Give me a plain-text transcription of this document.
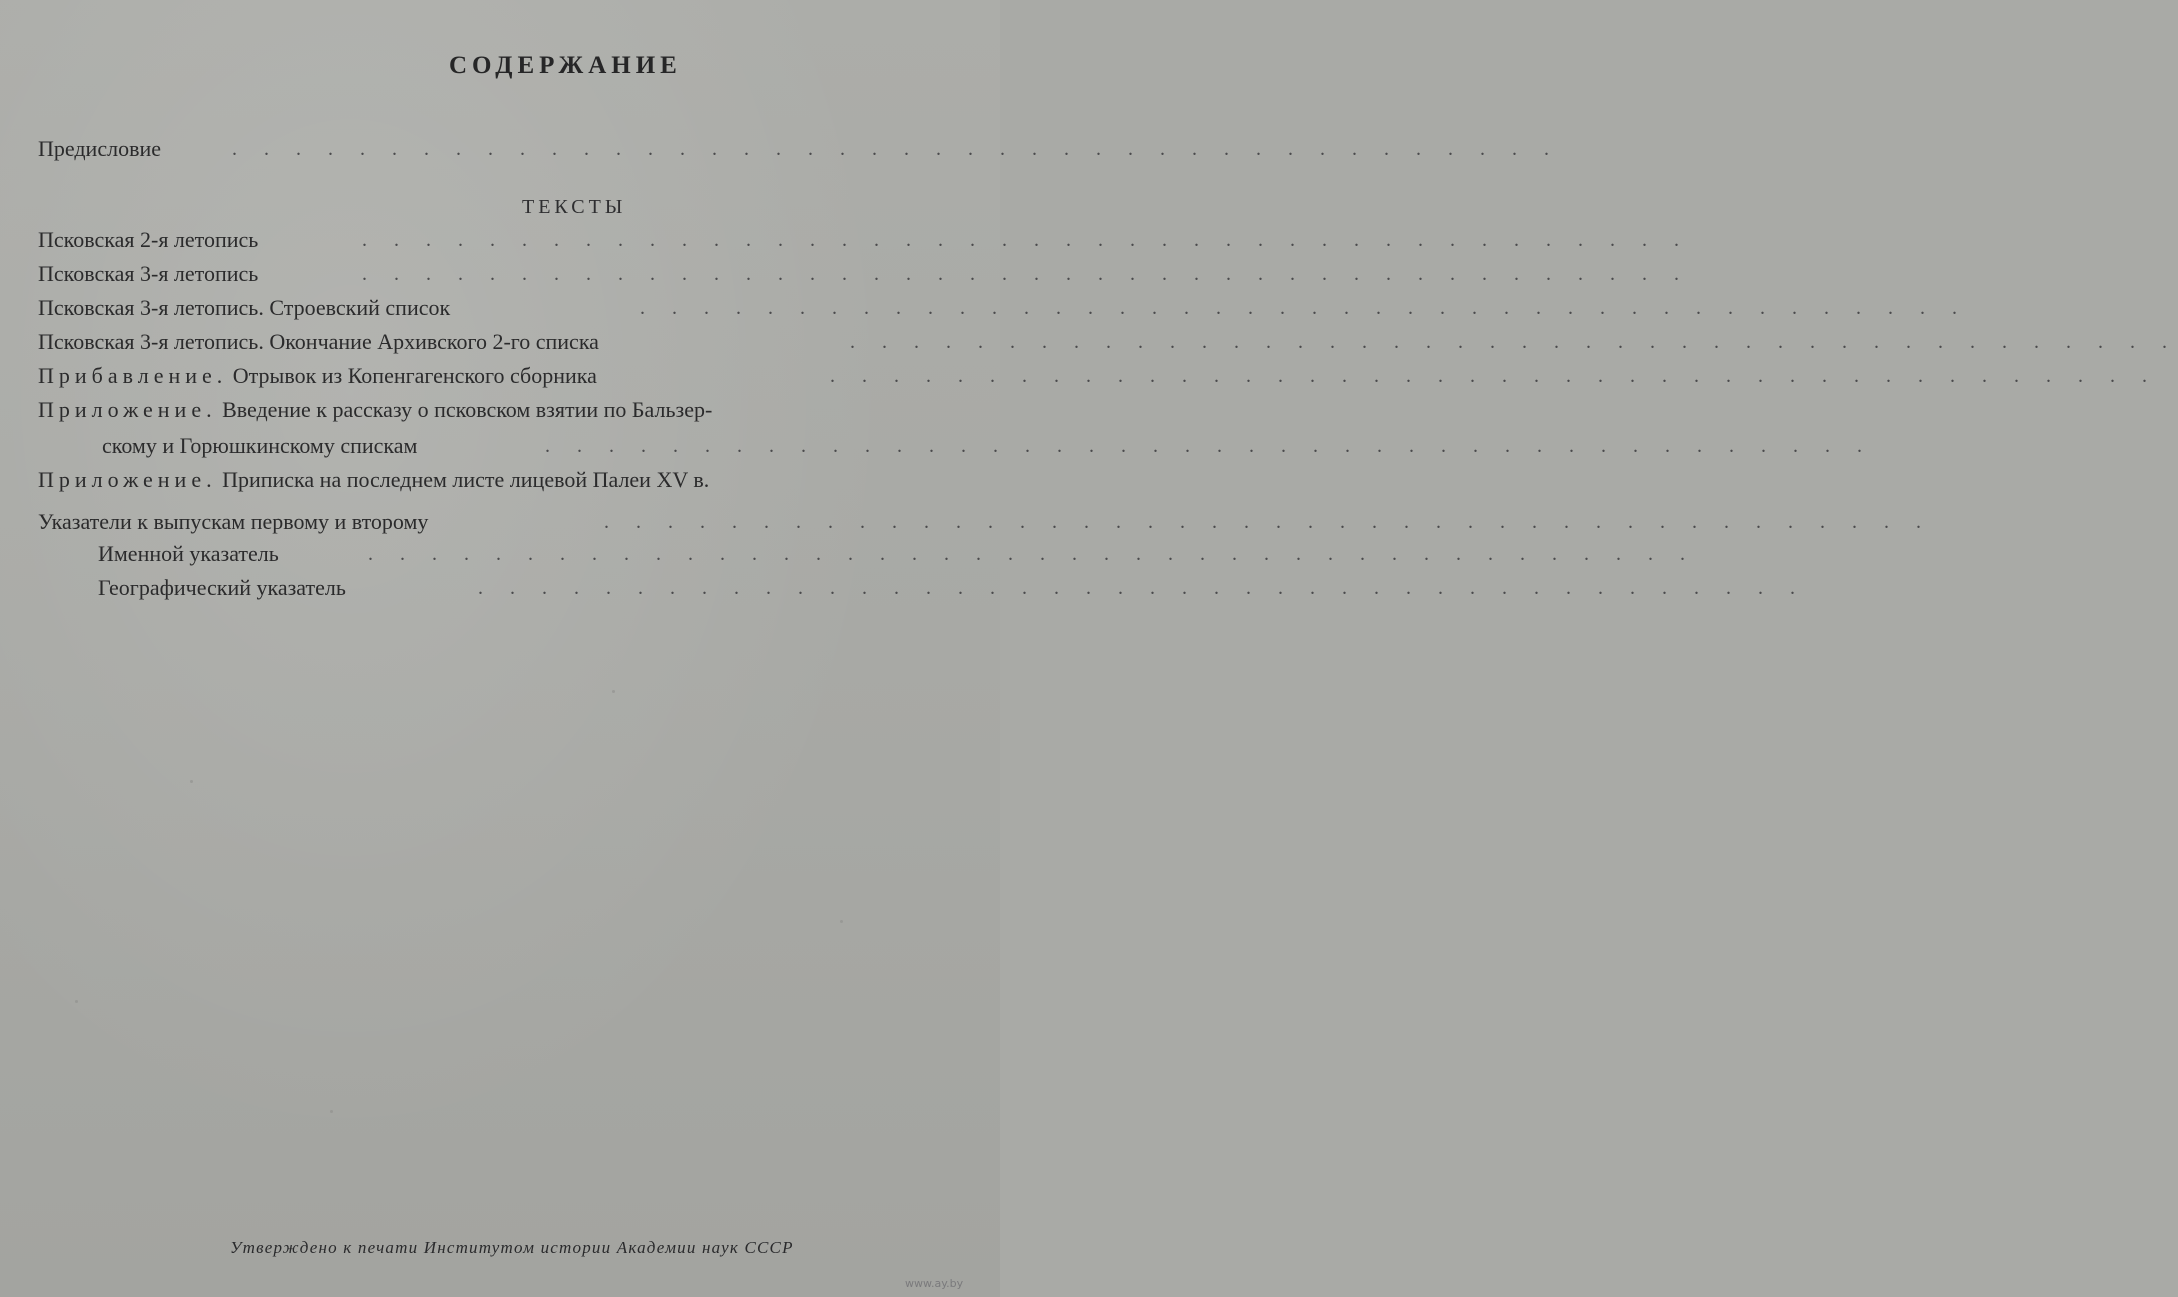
СОДЕРЖАНИЕ
Предисловие	. . . . . . . . . . . . . . . . . . . . . . . . . . . . . . . . . . . . . . . . . .
ТЕКСТЫ
Псковская 2-я летопись	. . . . . . . . . . . . . . . . . . . . . . . . . . . . . . . . . . . . . . . . . .
Псковская 3-я летопись	. . . . . . . . . . . . . . . . . . . . . . . . . . . . . . . . . . . . . . . . . .
Псковская 3-я летопись. Строевский список	. . . . . . . . . . . . . . . . . . . . . . . . . . . . . . . . . . . . . . . . . .
Псковская 3-я летопись. Окончание Архивского 2-го списка	. . . . . . . . . . . . . . . . . . . . . . . . . . . . . . . . . . . . . . . . . .
Прибавление. Отрывок из Копенгагенского сборника	. . . . . . . . . . . . . . . . . . . . . . . . . . . . . . . . . . . . . . . . . .
Приложение. Введение к рассказу о псковском взятии по Бальзер-
скому и Горюшкинскому спискам	. . . . . . . . . . . . . . . . . . . . . . . . . . . . . . . . . . . . . . . . . .
Приложение. Приписка на последнем листе лицевой Палеи XV в.
Указатели к выпускам первому и второму	. . . . . . . . . . . . . . . . . . . . . . . . . . . . . . . . . . . . . . . . . .
Именной указатель	. . . . . . . . . . . . . . . . . . . . . . . . . . . . . . . . . . . . . . . . . .
Географический указатель	. . . . . . . . . . . . . . . . . . . . . . . . . . . . . . . . . . . . . . . . . .
Утверждено к печати Институтом истории Академии наук СССР
www.ay.by
